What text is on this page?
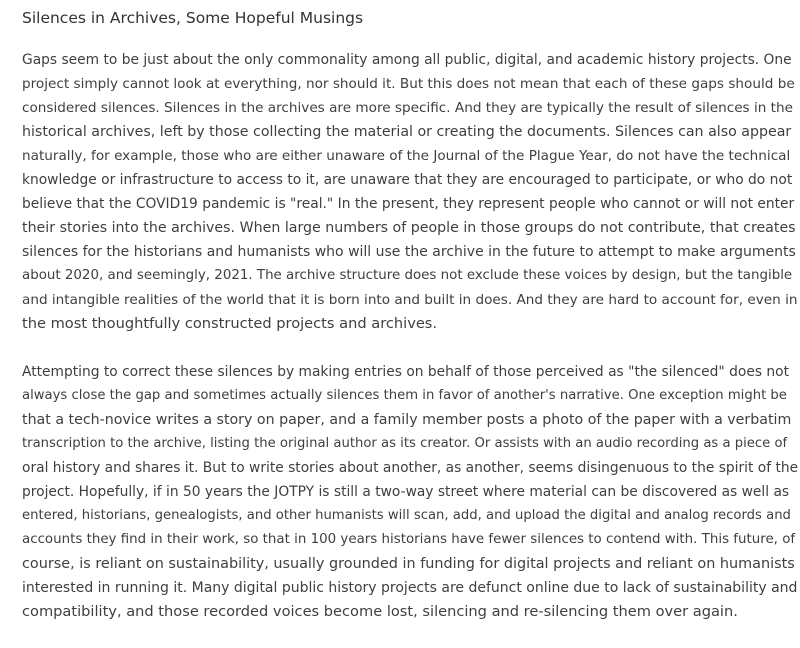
Silences in Archives, Some Hopeful Musings
Gaps seem to be just about the only commonality among all public, digital, and academic history projects. One
project simply cannot look at everything, nor should it. But this does not mean that each of these gaps should be
considered silences. Silences in the archives are more specific. And they are typically the result of silences in the
historical archives, left by those collecting the material or creating the documents. Silences can also appear
naturally, for example, those who are either unaware of the Journal of the Plague Year, do not have the technical
knowledge or infrastructure to access to it, are unaware that they are encouraged to participate, or who do not
believe that the COVID19 pandemic is "real." In the present, they represent people who cannot or will not enter
their stories into the archives. When large numbers of people in those groups do not contribute, that creates
silences for the historians and humanists who will use the archive in the future to attempt to make arguments
about 2020, and seemingly, 2021. The archive structure does not exclude these voices by design, but the tangible
and intangible realities of the world that it is born into and built in does. And they are hard to account for, even in
the most thoughtfully constructed projects and archives.
Attempting to correct these silences by making entries on behalf of those perceived as "the silenced" does not
always close the gap and sometimes actually silences them in favor of another's narrative. One exception might be
that a tech-novice writes a story on paper, and a family member posts a photo of the paper with a verbatim
transcription to the archive, listing the original author as its creator. Or assists with an audio recording as a piece of
oral history and shares it. But to write stories about another, as another, seems disingenuous to the spirit of the
project. Hopefully, if in 50 years the JOTPY is still a two-way street where material can be discovered as well as
entered, historians, genealogists, and other humanists will scan, add, and upload the digital and analog records and
accounts they find in their work, so that in 100 years historians have fewer silences to contend with. This future, of
course, is reliant on sustainability, usually grounded in funding for digital projects and reliant on humanists
interested in running it. Many digital public history projects are defunct online due to lack of sustainability and
compatibility, and those recorded voices become lost, silencing and re-silencing them over again.
